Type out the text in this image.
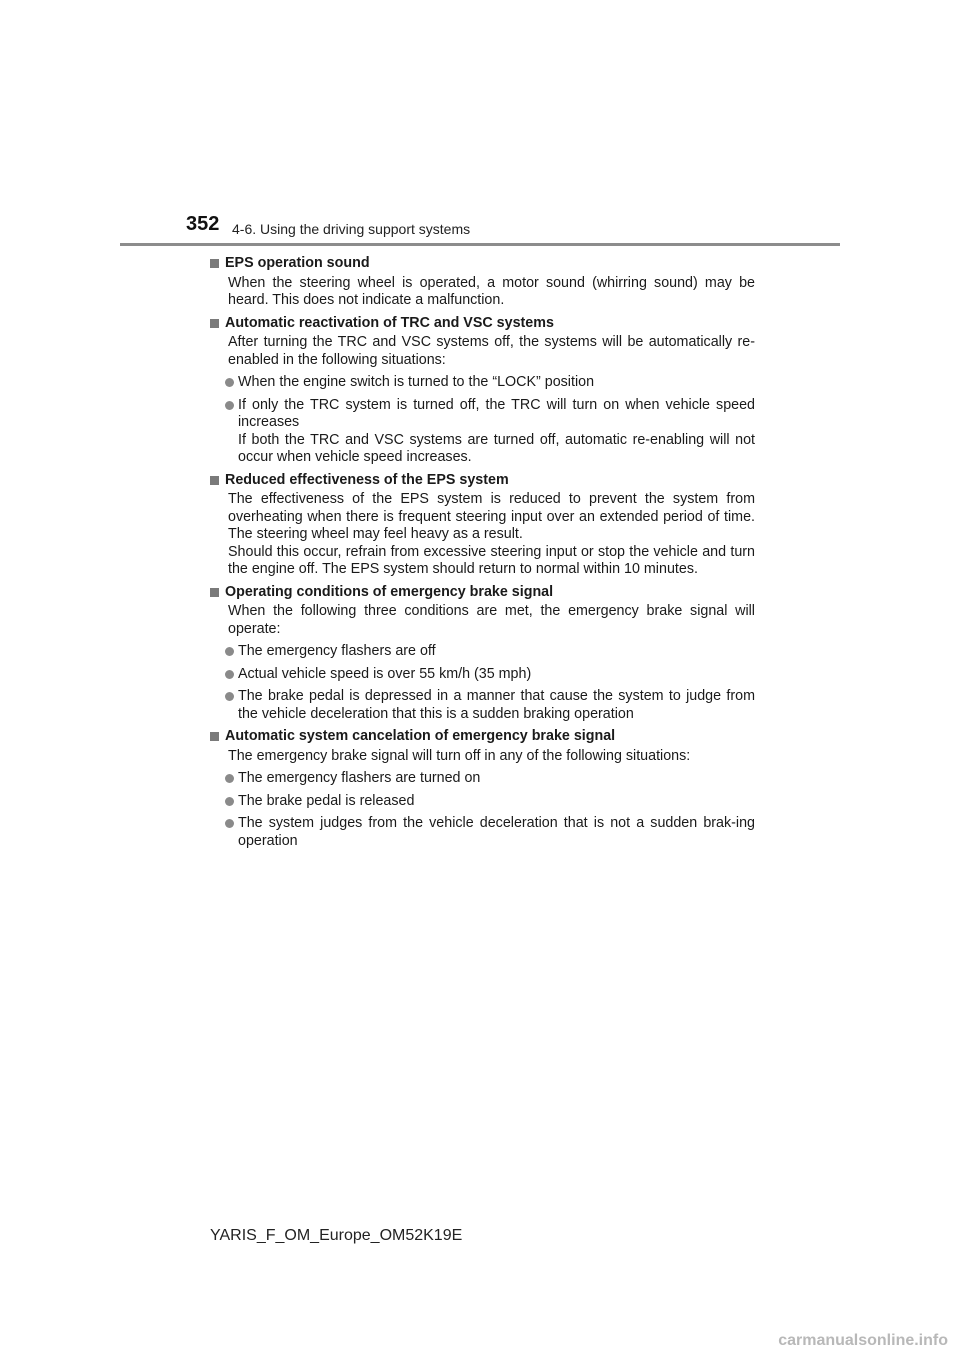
352 4-6. Using the driving support systems
EPS operation sound
When the steering wheel is operated, a motor sound (whirring sound) may be heard. This does not indicate a malfunction.
Automatic reactivation of TRC and VSC systems
After turning the TRC and VSC systems off, the systems will be automatically re-enabled in the following situations:
When the engine switch is turned to the “LOCK” position
If only the TRC system is turned off, the TRC will turn on when vehicle speed increases
If both the TRC and VSC systems are turned off, automatic re-enabling will not occur when vehicle speed increases.
Reduced effectiveness of the EPS system
The effectiveness of the EPS system is reduced to prevent the system from overheating when there is frequent steering input over an extended period of time. The steering wheel may feel heavy as a result.
Should this occur, refrain from excessive steering input or stop the vehicle and turn the engine off. The EPS system should return to normal within 10 minutes.
Operating conditions of emergency brake signal
When the following three conditions are met, the emergency brake signal will operate:
The emergency flashers are off
Actual vehicle speed is over 55 km/h (35 mph)
The brake pedal is depressed in a manner that cause the system to judge from the vehicle deceleration that this is a sudden braking operation
Automatic system cancelation of emergency brake signal
The emergency brake signal will turn off in any of the following situations:
The emergency flashers are turned on
The brake pedal is released
The system judges from the vehicle deceleration that is not a sudden brak-ing operation
YARIS_F_OM_Europe_OM52K19E
carmanualsonline.info
